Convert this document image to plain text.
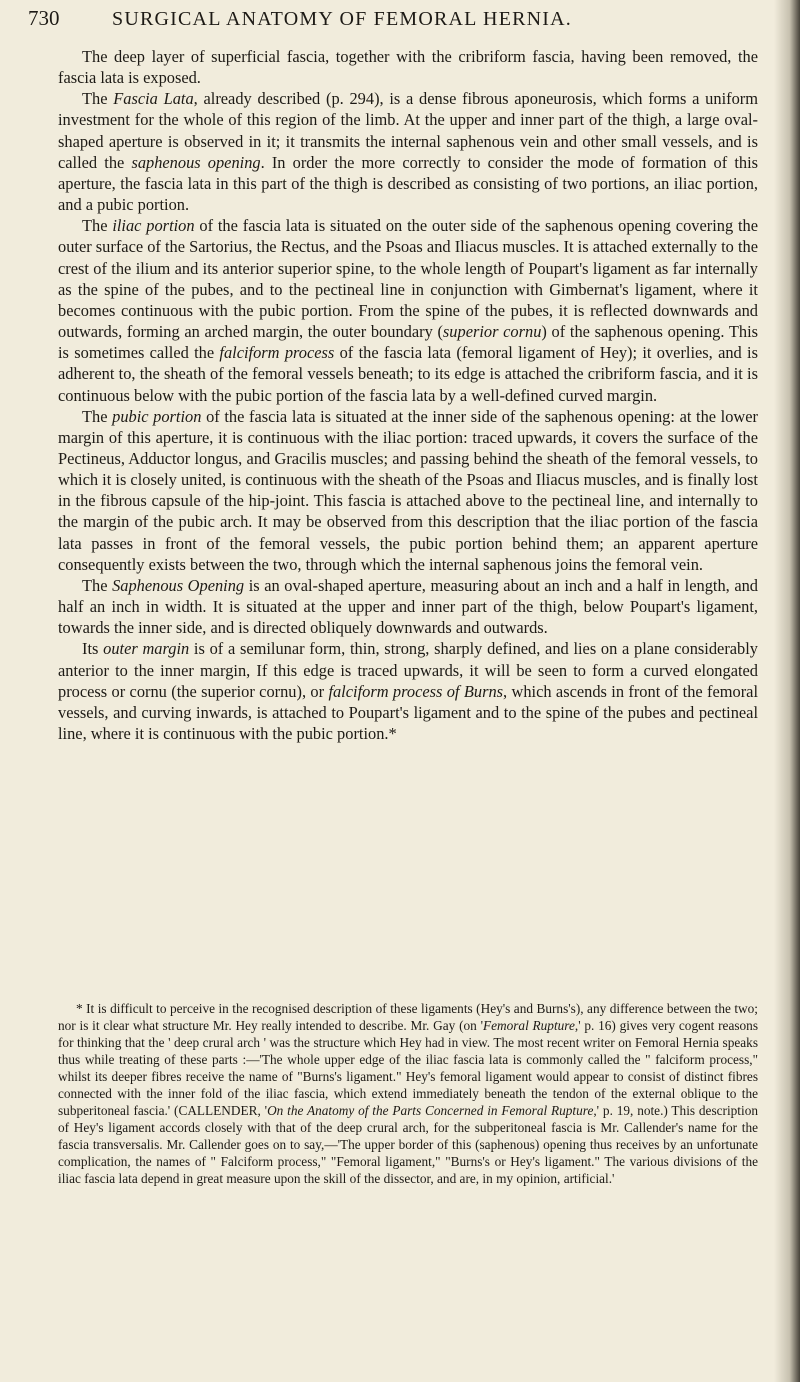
730	SURGICAL ANATOMY OF FEMORAL HERNIA.

The deep layer of superficial fascia, together with the cribriform fascia, having been removed, the fascia lata is exposed.

The Fascia Lata, already described (p. 294), is a dense fibrous aponeurosis, which forms a uniform investment for the whole of this region of the limb. At the upper and inner part of the thigh, a large oval-shaped aperture is observed in it; it transmits the internal saphenous vein and other small vessels, and is called the saphenous opening. In order the more correctly to consider the mode of formation of this aperture, the fascia lata in this part of the thigh is described as consisting of two portions, an iliac portion, and a pubic portion.

The iliac portion of the fascia lata is situated on the outer side of the saphenous opening covering the outer surface of the Sartorius, the Rectus, and the Psoas and Iliacus muscles. It is attached externally to the crest of the ilium and its anterior superior spine, to the whole length of Poupart's ligament as far internally as the spine of the pubes, and to the pectineal line in conjunction with Gimbernat's ligament, where it becomes continuous with the pubic portion. From the spine of the pubes, it is reflected downwards and outwards, forming an arched margin, the outer boundary (superior cornu) of the saphenous opening. This is sometimes called the falciform process of the fascia lata (femoral ligament of Hey); it overlies, and is adherent to, the sheath of the femoral vessels beneath; to its edge is attached the cribriform fascia, and it is continuous below with the pubic portion of the fascia lata by a well-defined curved margin.

The pubic portion of the fascia lata is situated at the inner side of the saphenous opening: at the lower margin of this aperture, it is continuous with the iliac portion: traced upwards, it covers the surface of the Pectineus, Adductor longus, and Gracilis muscles; and passing behind the sheath of the femoral vessels, to which it is closely united, is continuous with the sheath of the Psoas and Iliacus muscles, and is finally lost in the fibrous capsule of the hip-joint. This fascia is attached above to the pectineal line, and internally to the margin of the pubic arch. It may be observed from this description that the iliac portion of the fascia lata passes in front of the femoral vessels, the pubic portion behind them; an apparent aperture consequently exists between the two, through which the internal saphenous joins the femoral vein.

The Saphenous Opening is an oval-shaped aperture, measuring about an inch and a half in length, and half an inch in width. It is situated at the upper and inner part of the thigh, below Poupart's ligament, towards the inner side, and is directed obliquely downwards and outwards.

Its outer margin is of a semilunar form, thin, strong, sharply defined, and lies on a plane considerably anterior to the inner margin, If this edge is traced upwards, it will be seen to form a curved elongated process or cornu (the superior cornu), or falciform process of Burns, which ascends in front of the femoral vessels, and curving inwards, is attached to Poupart's ligament and to the spine of the pubes and pectineal line, where it is continuous with the pubic portion.*

* It is difficult to perceive in the recognised description of these ligaments (Hey's and Burns's), any difference between the two; nor is it clear what structure Mr. Hey really intended to describe. Mr. Gay (on 'Femoral Rupture,' p. 16) gives very cogent reasons for thinking that the ' deep crural arch ' was the structure which Hey had in view. The most recent writer on Femoral Hernia speaks thus while treating of these parts :—'The whole upper edge of the iliac fascia lata is commonly called the " falciform process," whilst its deeper fibres receive the name of "Burns's ligament." Hey's femoral ligament would appear to consist of distinct fibres connected with the inner fold of the iliac fascia, which extend immediately beneath the tendon of the external oblique to the subperitoneal fascia.' (CALLENDER, 'On the Anatomy of the Parts Concerned in Femoral Rupture,' p. 19, note.) This description of Hey's ligament accords closely with that of the deep crural arch, for the subperitoneal fascia is Mr. Callender's name for the fascia transversalis. Mr. Callender goes on to say,—'The upper border of this (saphenous) opening thus receives by an unfortunate complication, the names of " Falciform process," "Femoral ligament," "Burns's or Hey's ligament." The various divisions of the iliac fascia lata depend in great measure upon the skill of the dissector, and are, in my opinion, artificial.'
